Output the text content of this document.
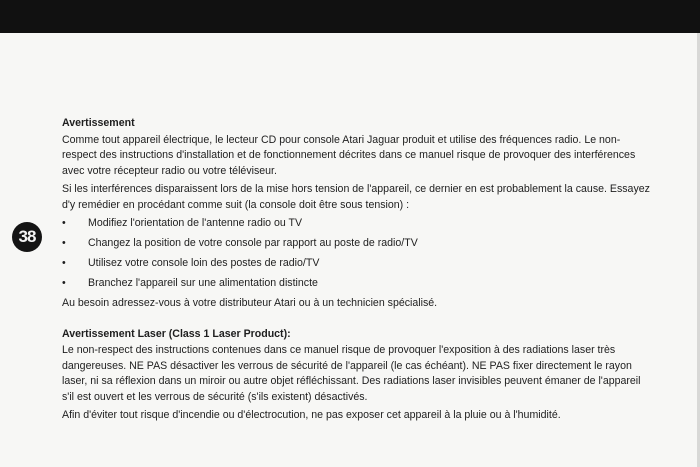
38
Avertissement

Comme tout appareil électrique, le lecteur CD pour console Atari Jaguar produit et utilise des fréquences radio. Le non-respect des instructions d'installation et de fonctionnement décrites dans ce manuel risque de provoquer des interférences avec votre récepteur radio ou votre téléviseur.

Si les interférences disparaissent lors de la mise hors tension de l'appareil, ce dernier en est probablement la cause. Essayez d'y remédier en procédant comme suit (la console doit être sous tension) :

• Modifiez l'orientation de l'antenne radio ou TV
• Changez la position de votre console par rapport au poste de radio/TV
• Utilisez votre console loin des postes de radio/TV
• Branchez l'appareil sur une alimentation distincte

Au besoin adressez-vous à votre distributeur Atari ou à un technicien spécialisé.

Avertissement Laser (Class 1 Laser Product):

Le non-respect des instructions contenues dans ce manuel risque de provoquer l'exposition à des radiations laser très dangereuses. NE PAS désactiver les verrous de sécurité de l'appareil (le cas échéant). NE PAS fixer directement le rayon laser, ni sa réflexion dans un miroir ou autre objet réfléchissant. Des radiations laser invisibles peuvent émaner de l'appareil s'il est ouvert et les verrous de sécurité (s'ils existent) désactivés.

Afin d'éviter tout risque d'incendie ou d'électrocution, ne pas exposer cet appareil à la pluie ou à l'humidité.
